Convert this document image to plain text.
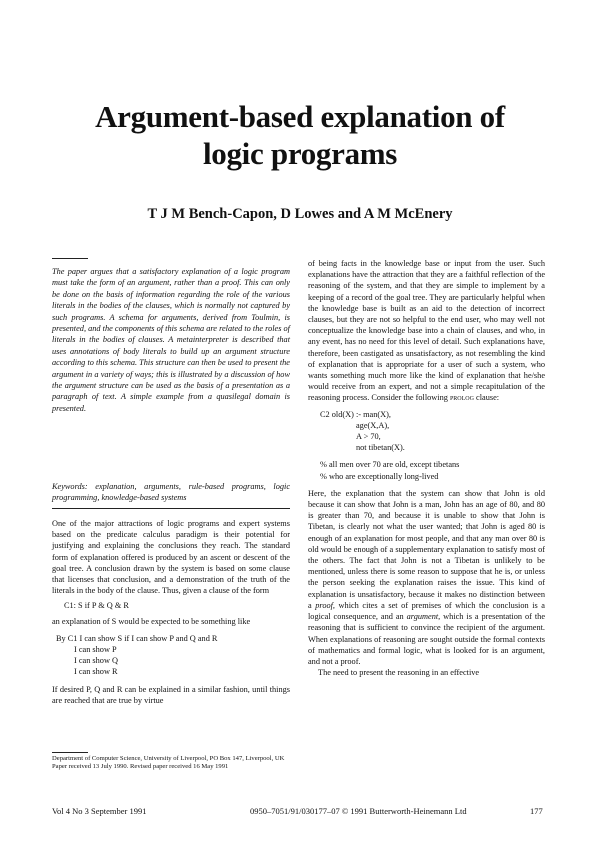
Argument-based explanation of
logic programs
T J M Bench-Capon, D Lowes and A M McEnery

The paper argues that a satisfactory explanation of a logic program must take the form of an argument, rather than a proof. This can only be done on the basis of information regarding the role of the various literals in the bodies of the clauses, which is normally not captured by such programs. A schema for arguments, derived from Toulmin, is presented, and the components of this schema are related to the roles of literals in the bodies of clauses. A metainterpreter is described that uses annotations of body literals to build up an argument structure according to this schema. This structure can then be used to present the argument in a variety of ways; this is illustrated by a discussion of how the argument structure can be used as the basis of a presentation as a paragraph of text. A simple example from a quasilegal domain is presented.

Keywords: explanation, arguments, rule-based programs, logic programming, knowledge-based systems

One of the major attractions of logic programs and expert systems based on the predicate calculus paradigm is their potential for justifying and explaining the conclusions they reach. The standard form of explanation offered is produced by an ascent or descent of the goal tree. A conclusion drawn by the system is based on some clause that licenses that conclusion, and a demonstration of the truth of the literals in the body of the clause. Thus, given a clause of the form

C1: S if P & Q & R

an explanation of S would be expected to be something like

By C1 I can show S if I can show P and Q and R
I can show P
I can show Q
I can show R

If desired P, Q and R can be explained in a similar fashion, until things are reached that are true by virtue

Department of Computer Science, University of Liverpool, PO Box 147, Liverpool, UK
Paper received 13 July 1990. Revised paper received 16 May 1991

of being facts in the knowledge base or input from the user. Such explanations have the attraction that they are a faithful reflection of the reasoning of the system, and that they are simple to implement by a keeping of a record of the goal tree. They are particularly helpful when the knowledge base is built as an aid to the detection of incorrect clauses, but they are not so helpful to the end user, who may well not conceptualize the knowledge base into a chain of clauses, and who, in any event, has no need for this level of detail. Such explanations have, therefore, been castigated as unsatisfactory, as not resembling the kind of explanation that is appropriate for a user of such a system, who wants something much more like the kind of explanation that he/she would receive from an expert, and not a simple recapitulation of the reasoning process. Consider the following prolog clause:

C2 old(X) :- man(X),
age(X,A),
A > 70,
not tibetan(X).
% all men over 70 are old, except tibetans
% who are exceptionally long-lived

Here, the explanation that the system can show that John is old because it can show that John is a man, John has an age of 80, and 80 is greater than 70, and because it is unable to show that John is Tibetan, is clearly not what the user wanted; that John is aged 80 is enough of an explanation for most people, and that any man over 80 is old would be enough of a supplementary explanation to satisfy most of the others. The fact that John is not a Tibetan is unlikely to be mentioned, unless there is some reason to suppose that he is, or unless the person seeking the explanation raises the issue. This kind of explanation is unsatisfactory, because it makes no distinction between a proof, which cites a set of premises of which the conclusion is a logical consequence, and an argument, which is a presentation of the reasoning that is sufficient to convince the recipient of the argument. When explanations of reasoning are sought outside the formal contexts of mathematics and formal logic, what is looked for is an argument, and not a proof.

The need to present the reasoning in an effective

Vol 4 No 3 September 1991	0950–7051/91/030177–07 © 1991 Butterworth-Heinemann Ltd	177
